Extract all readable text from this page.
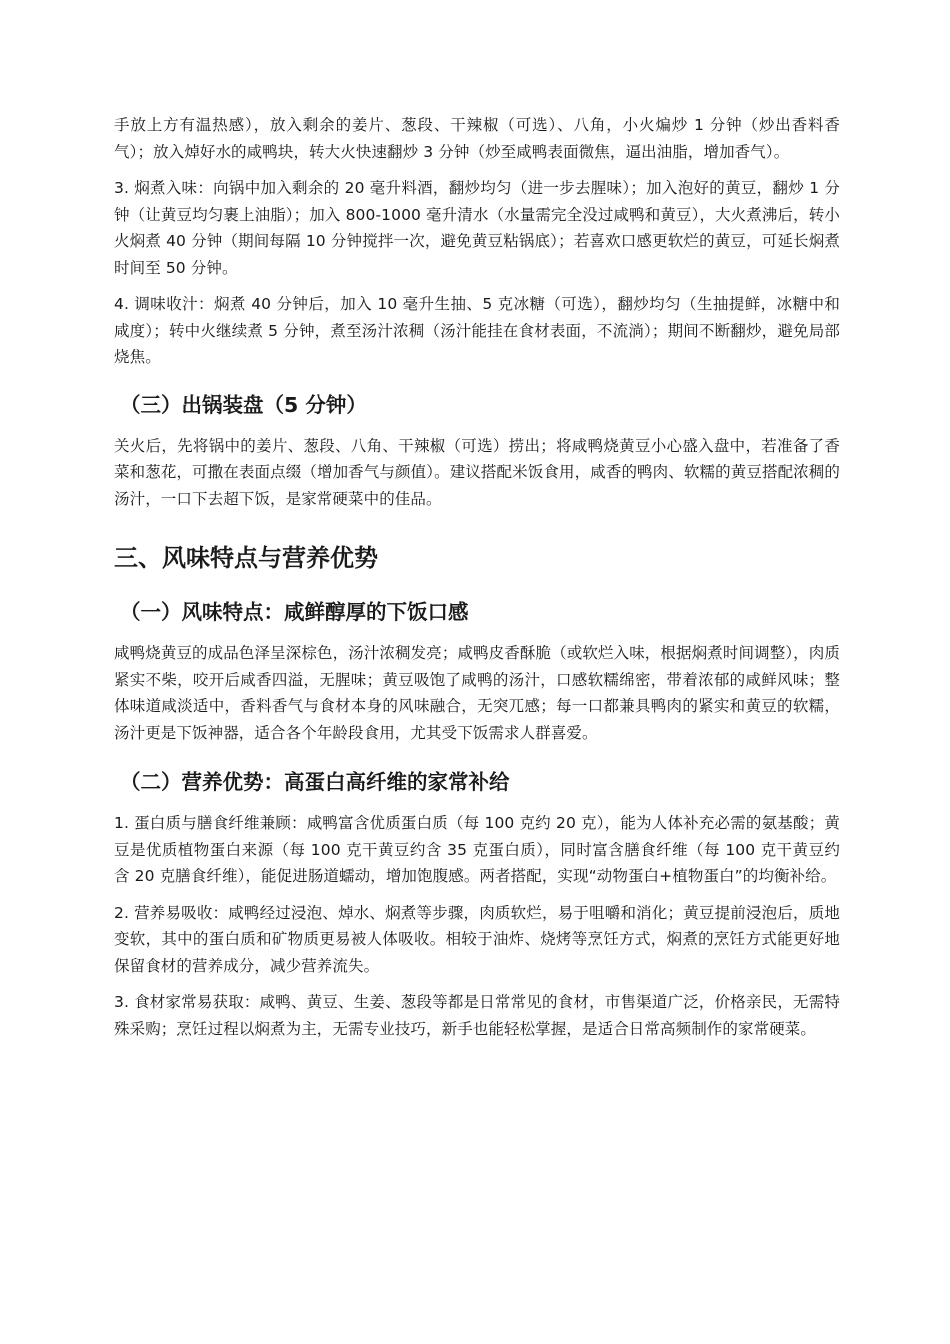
手放上方有温热感），放入剩余的姜片、葱段、干辣椒（可选）、八角，小火煸炒 1 分钟（炒出香料香气）；放入焯好水的咸鸭块，转大火快速翻炒 3 分钟（炒至咸鸭表面微焦，逼出油脂，增加香气）。

3. 焖煮入味：向锅中加入剩余的 20 毫升料酒，翻炒均匀（进一步去腥味）；加入泡好的黄豆，翻炒 1 分钟（让黄豆均匀裹上油脂）；加入 800-1000 毫升清水（水量需完全没过咸鸭和黄豆），大火煮沸后，转小火焖煮 40 分钟（期间每隔 10 分钟搅拌一次，避免黄豆粘锅底）；若喜欢口感更软烂的黄豆，可延长焖煮时间至 50 分钟。

4. 调味收汁：焖煮 40 分钟后，加入 10 毫升生抽、5 克冰糖（可选），翻炒均匀（生抽提鲜，冰糖中和咸度）；转中火继续煮 5 分钟，煮至汤汁浓稠（汤汁能挂在食材表面，不流淌）；期间不断翻炒，避免局部烧焦。

（三）出锅装盘（5 分钟）

关火后，先将锅中的姜片、葱段、八角、干辣椒（可选）捞出；将咸鸭烧黄豆小心盛入盘中，若准备了香菜和葱花，可撒在表面点缀（增加香气与颜值）。建议搭配米饭食用，咸香的鸭肉、软糯的黄豆搭配浓稠的汤汁，一口下去超下饭，是家常硬菜中的佳品。

三、风味特点与营养优势
（一）风味特点：咸鲜醇厚的下饭口感

咸鸭烧黄豆的成品色泽呈深棕色，汤汁浓稠发亮；咸鸭皮香酥脆（或软烂入味，根据焖煮时间调整），肉质紧实不柴，咬开后咸香四溢，无腥味；黄豆吸饱了咸鸭的汤汁，口感软糯绵密，带着浓郁的咸鲜风味；整体味道咸淡适中，香料香气与食材本身的风味融合，无突兀感；每一口都兼具鸭肉的紧实和黄豆的软糯，汤汁更是下饭神器，适合各个年龄段食用，尤其受下饭需求人群喜爱。

（二）营养优势：高蛋白高纤维的家常补给

1. 蛋白质与膳食纤维兼顾：咸鸭富含优质蛋白质（每 100 克约 20 克），能为人体补充必需的氨基酸；黄豆是优质植物蛋白来源（每 100 克干黄豆约含 35 克蛋白质），同时富含膳食纤维（每 100 克干黄豆约含 20 克膳食纤维），能促进肠道蠕动，增加饱腹感。两者搭配，实现“动物蛋白+植物蛋白”的均衡补给。

2. 营养易吸收：咸鸭经过浸泡、焯水、焖煮等步骤，肉质软烂，易于咀嚼和消化；黄豆提前浸泡后，质地变软，其中的蛋白质和矿物质更易被人体吸收。相较于油炸、烧烤等烹饪方式，焖煮的烹饪方式能更好地保留食材的营养成分，减少营养流失。

3. 食材家常易获取：咸鸭、黄豆、生姜、葱段等都是日常常见的食材，市售渠道广泛，价格亲民，无需特殊采购；烹饪过程以焖煮为主，无需专业技巧，新手也能轻松掌握，是适合日常高频制作的家常硬菜。
